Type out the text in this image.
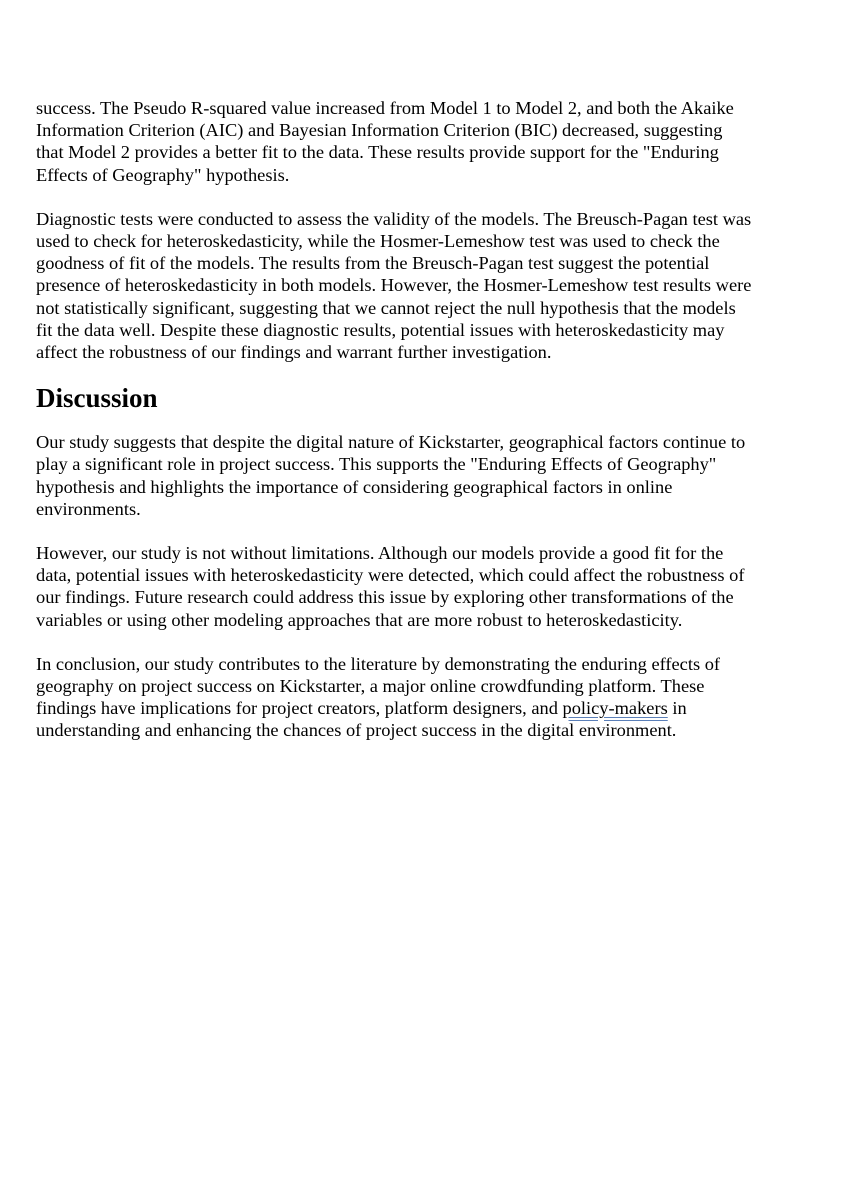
success. The Pseudo R-squared value increased from Model 1 to Model 2, and both the Akaike
Information Criterion (AIC) and Bayesian Information Criterion (BIC) decreased, suggesting
that Model 2 provides a better fit to the data. These results provide support for the "Enduring
Effects of Geography" hypothesis.

Diagnostic tests were conducted to assess the validity of the models. The Breusch-Pagan test was
used to check for heteroskedasticity, while the Hosmer-Lemeshow test was used to check the
goodness of fit of the models. The results from the Breusch-Pagan test suggest the potential
presence of heteroskedasticity in both models. However, the Hosmer-Lemeshow test results were
not statistically significant, suggesting that we cannot reject the null hypothesis that the models
fit the data well. Despite these diagnostic results, potential issues with heteroskedasticity may
affect the robustness of our findings and warrant further investigation.

Discussion

Our study suggests that despite the digital nature of Kickstarter, geographical factors continue to
play a significant role in project success. This supports the "Enduring Effects of Geography"
hypothesis and highlights the importance of considering geographical factors in online
environments.

However, our study is not without limitations. Although our models provide a good fit for the
data, potential issues with heteroskedasticity were detected, which could affect the robustness of
our findings. Future research could address this issue by exploring other transformations of the
variables or using other modeling approaches that are more robust to heteroskedasticity.

In conclusion, our study contributes to the literature by demonstrating the enduring effects of
geography on project success on Kickstarter, a major online crowdfunding platform. These
findings have implications for project creators, platform designers, and policy-makers in
understanding and enhancing the chances of project success in the digital environment.
